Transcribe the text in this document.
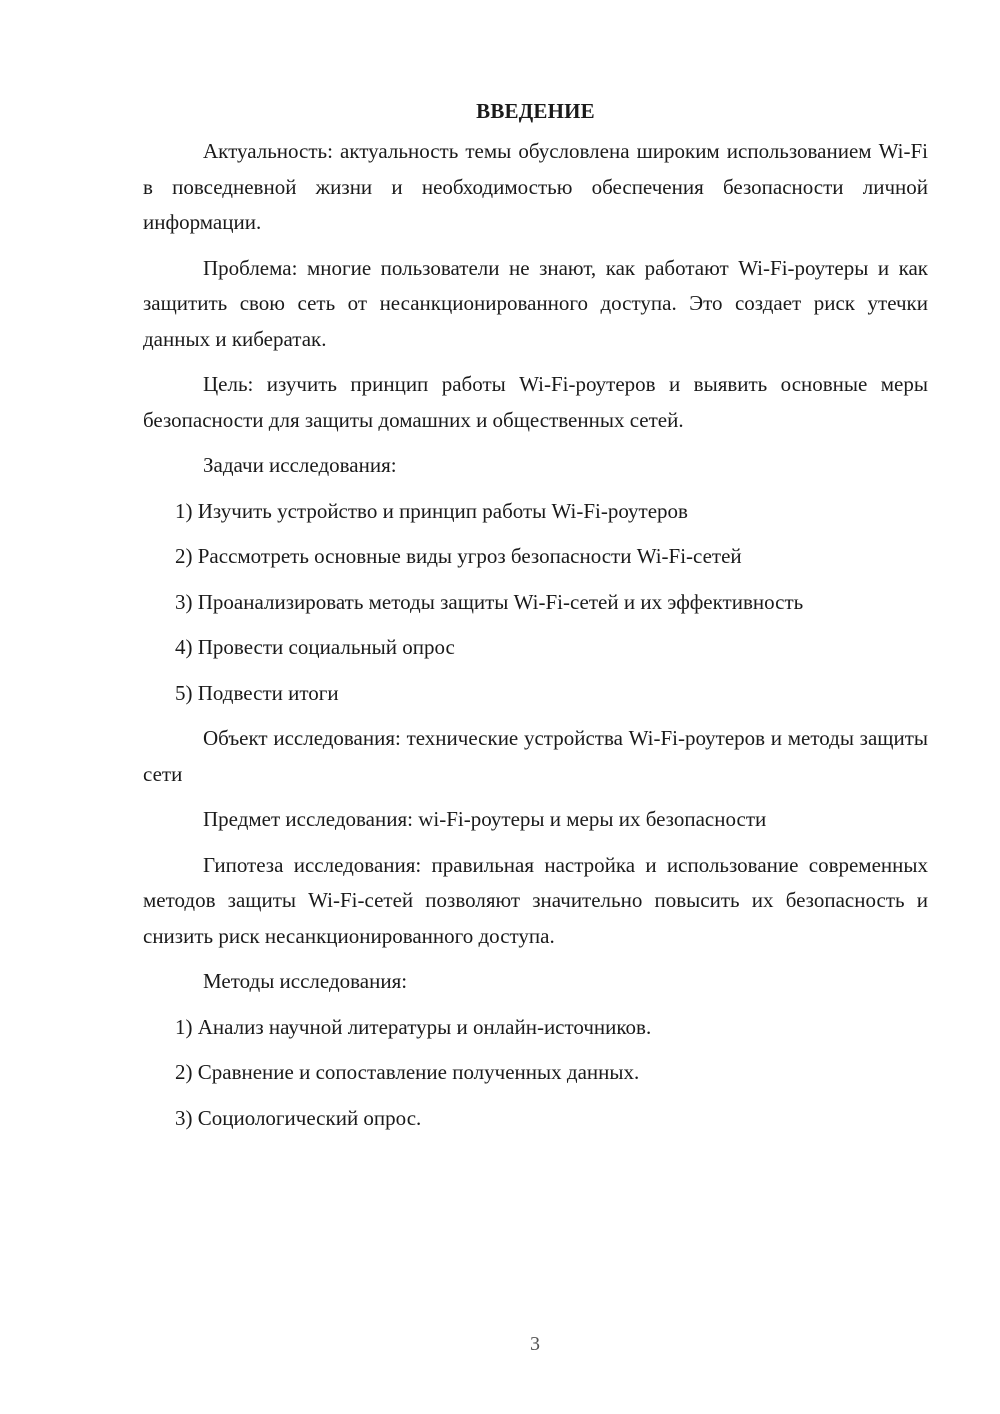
ВВЕДЕНИЕ

Актуальность: актуальность темы обусловлена широким использованием Wi-Fi в повседневной жизни и необходимостью обеспечения безопасности личной информации.

Проблема: многие пользователи не знают, как работают Wi-Fi-роутеры и как защитить свою сеть от несанкционированного доступа. Это создает риск утечки данных и кибератак.

Цель: изучить принцип работы Wi-Fi-роутеров и выявить основные меры безопасности для защиты домашних и общественных сетей.

Задачи исследования:

1) Изучить устройство и принцип работы Wi-Fi-роутеров

2) Рассмотреть основные виды угроз безопасности Wi-Fi-сетей

3) Проанализировать методы защиты Wi-Fi-сетей и их эффективность

4) Провести социальный опрос

5) Подвести итоги

Объект исследования: технические устройства Wi-Fi-роутеров и методы защиты сети

Предмет исследования: wi-Fi-роутеры и меры их безопасности

Гипотеза исследования: правильная настройка и использование современных методов защиты Wi-Fi-сетей позволяют значительно повысить их безопасность и снизить риск несанкционированного доступа.

Методы исследования:

1) Анализ научной литературы и онлайн-источников.

2) Сравнение и сопоставление полученных данных.

3) Социологический опрос.

3
